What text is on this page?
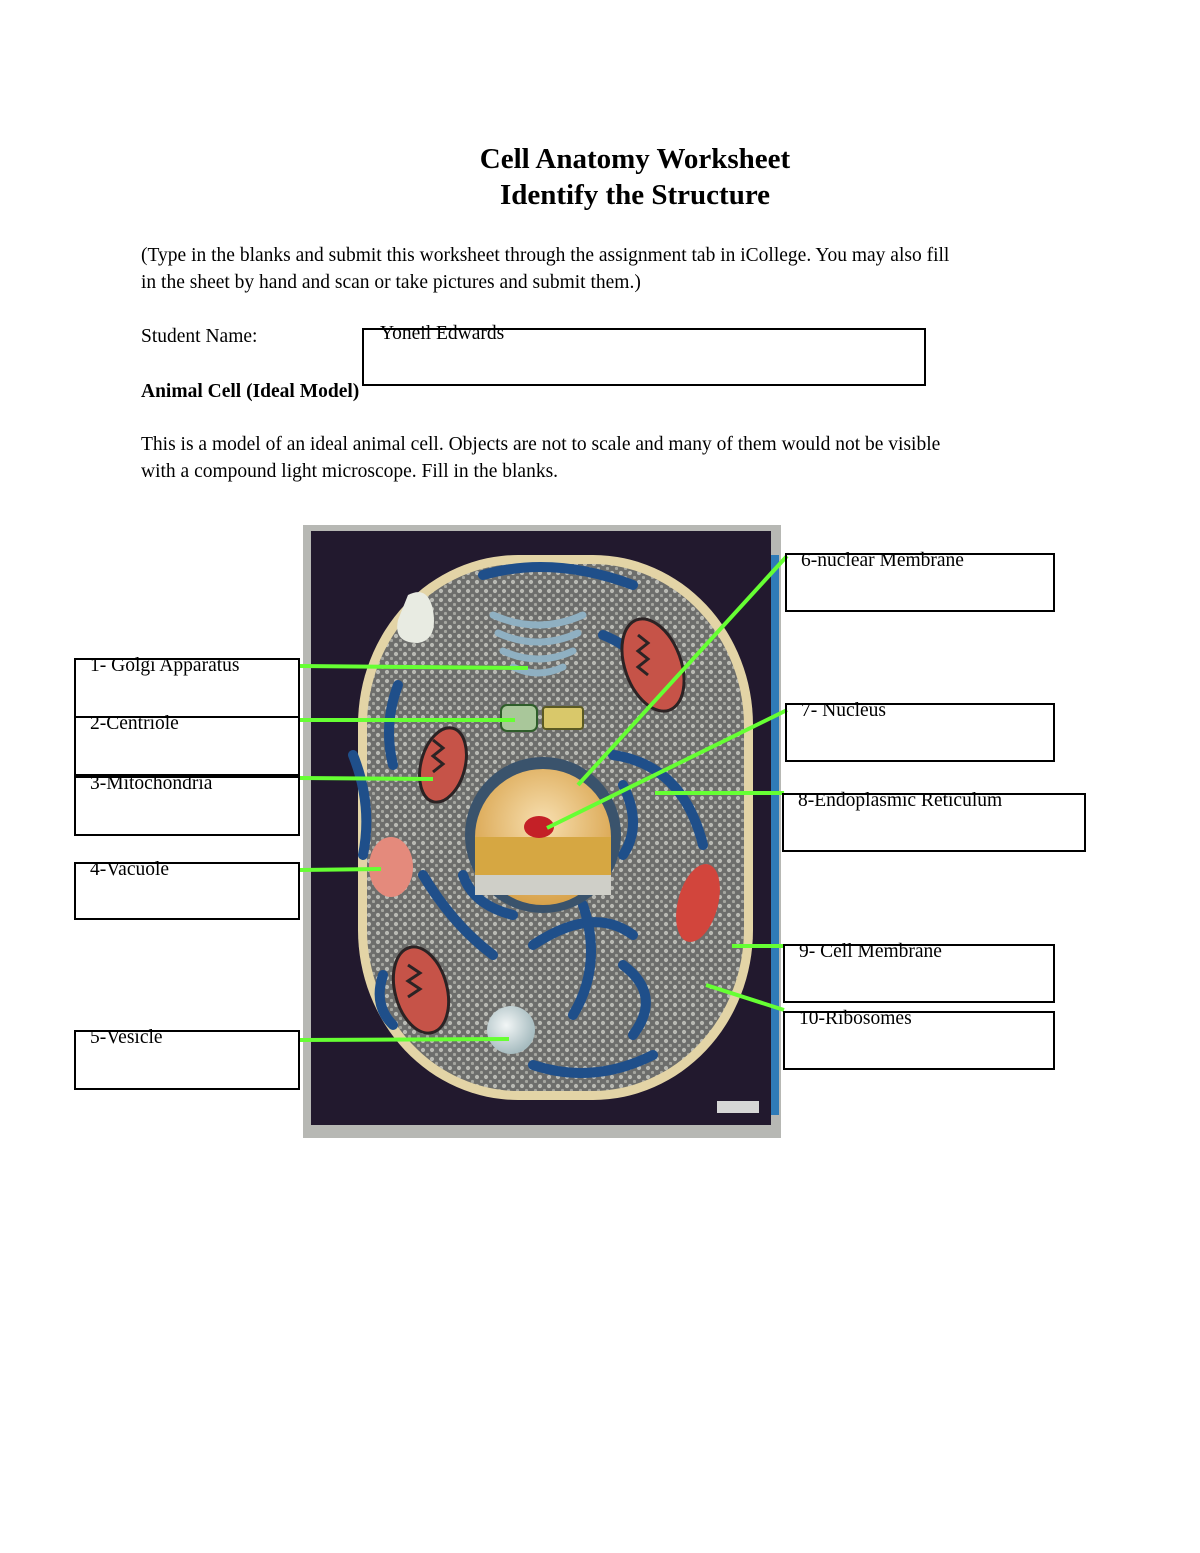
Cell Anatomy Worksheet
Identify the Structure
(Type in the blanks and submit this worksheet through the assignment tab in iCollege. You may also fill
in the sheet by hand and scan or take pictures and submit them.)
Student Name:	Yoneil Edwards
Animal Cell (Ideal Model)
This is a model of an ideal animal cell. Objects are not to scale and many of them would not be visible
with a compound light microscope. Fill in the blanks.
1- Golgi Apparatus
2-Centriole
3-Mitochondria
4-Vacuole
5-Vesicle
6-nuclear Membrane
7- Nucleus
8-Endoplasmic Reticulum
9- Cell Membrane
10-Ribosomes
